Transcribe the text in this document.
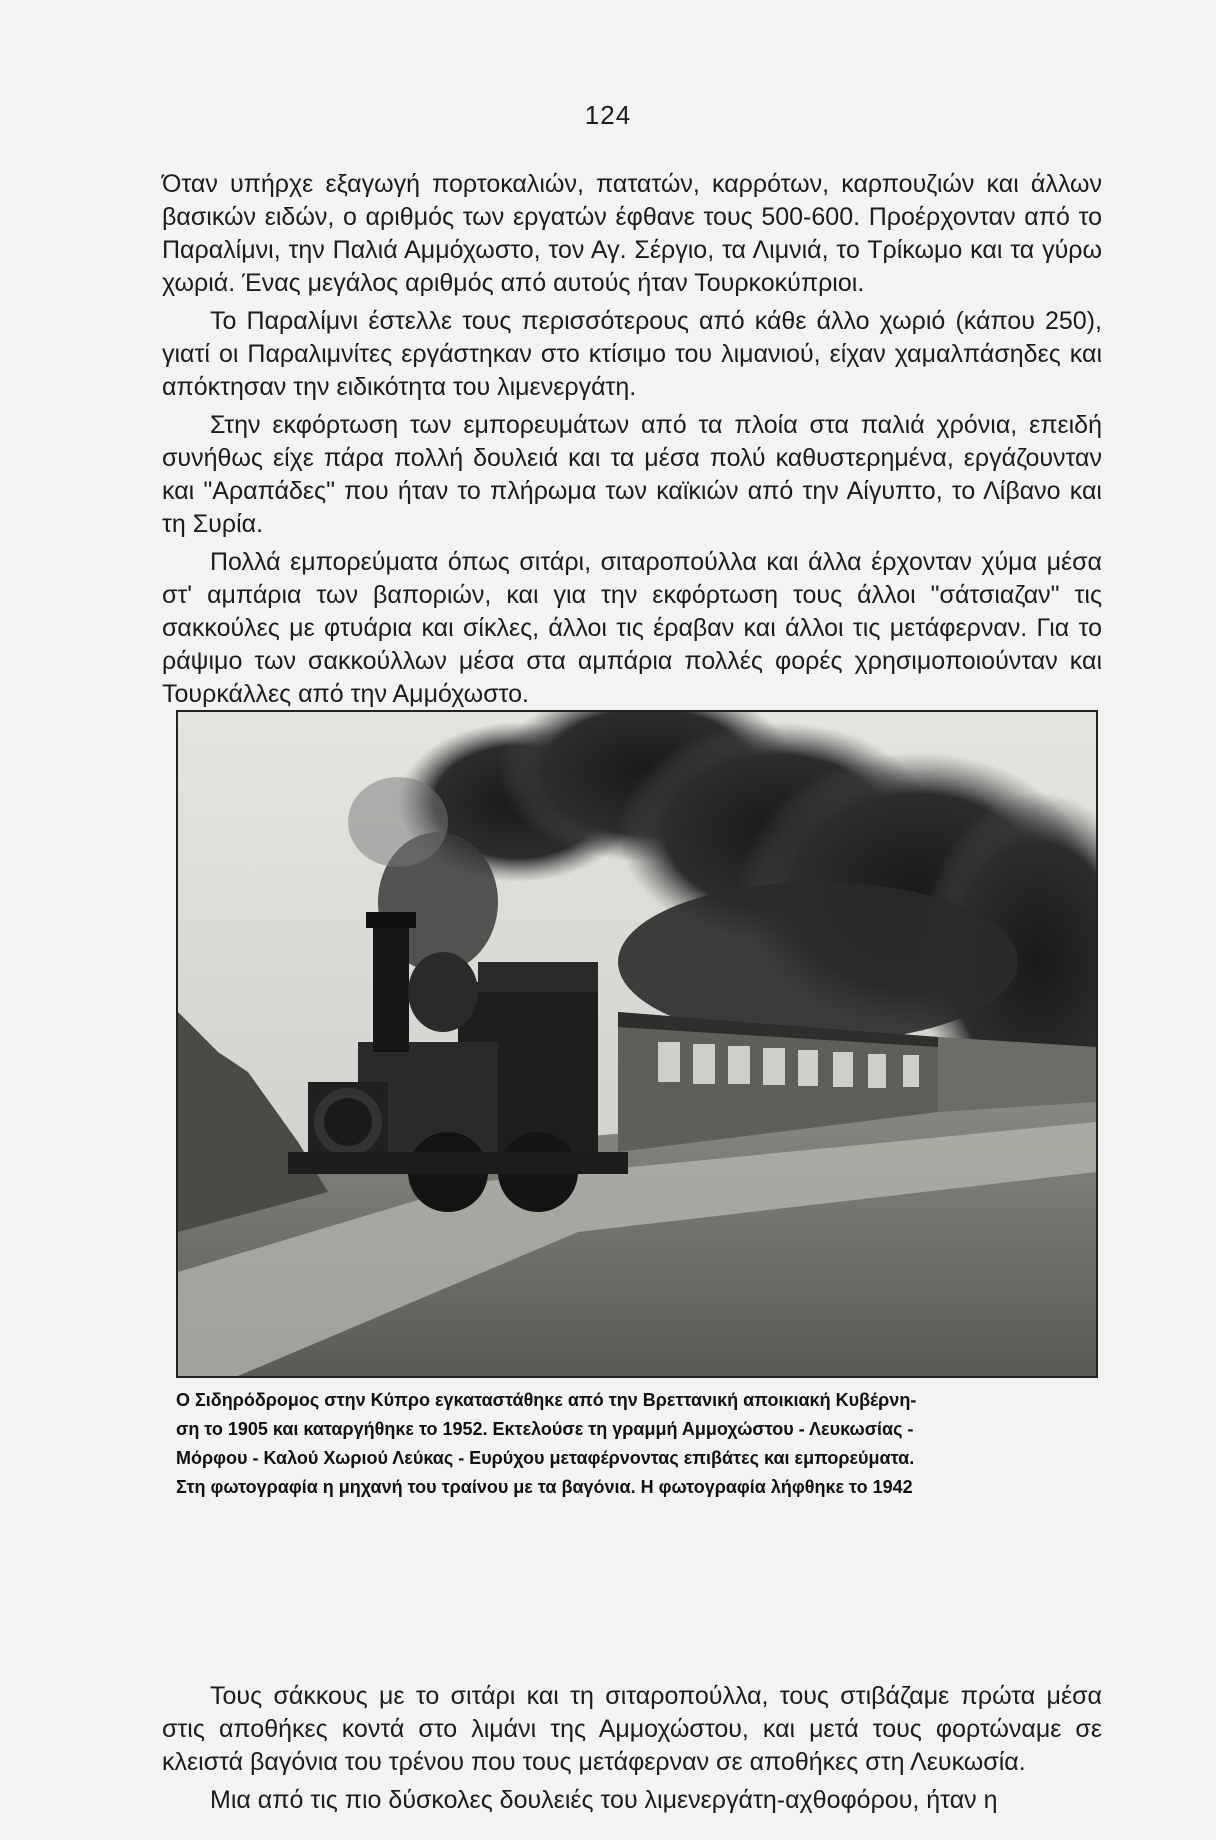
124

Όταν υπήρχε εξαγωγή πορτοκαλιών, πατατών, καρρότων, καρπουζιών και άλλων βασικών ειδών, ο αριθμός των εργατών έφθανε τους 500-600. Προέρχονταν από το Παραλίμνι, την Παλιά Αμμόχωστο, τον Αγ. Σέργιο, τα Λιμνιά, το Τρίκωμο και τα γύρω χωριά. Ένας μεγάλος αριθμός από αυτούς ήταν Τουρκοκύπριοι.

Το Παραλίμνι έστελλε τους περισσότερους από κάθε άλλο χωριό (κάπου 250), γιατί οι Παραλιμνίτες εργάστηκαν στο κτίσιμο του λιμανιού, είχαν χαμαλπάσηδες και απόκτησαν την ειδικότητα του λιμενεργάτη.

Στην εκφόρτωση των εμπορευμάτων από τα πλοία στα παλιά χρόνια, επειδή συνήθως είχε πάρα πολλή δουλειά και τα μέσα πολύ καθυστερημένα, εργάζουνταν και "Αραπάδες" που ήταν το πλήρωμα των καϊκιών από την Αίγυπτο, το Λίβανο και τη Συρία.

Πολλά εμπορεύματα όπως σιτάρι, σιταροπούλλα και άλλα έρχονταν χύμα μέσα στ' αμπάρια των βαποριών, και για την εκφόρτωση τους άλλοι "σάτσιαζαν" τις σακκούλες με φτυάρια και σίκλες, άλλοι τις έραβαν και άλλοι τις μετάφερναν. Για το ράψιμο των σακκούλλων μέσα στα αμπάρια πολλές φορές χρησιμοποιούνταν και Τουρκάλλες από την Αμμόχωστο.

Ο Σιδηρόδρομος στην Κύπρο εγκαταστάθηκε από την Βρεττανική αποικιακή Κυβέρνη-
ση το 1905 και καταργήθηκε το 1952. Εκτελούσε τη γραμμή Αμμοχώστου - Λευκωσίας -
Μόρφου - Καλού Χωριού Λεύκας - Ευρύχου μεταφέρνοντας επιβάτες και εμπορεύματα.
Στη φωτογραφία η μηχανή του τραίνου με τα βαγόνια. Η φωτογραφία λήφθηκε το 1942

Τους σάκκους με το σιτάρι και τη σιταροπούλλα, τους στιβάζαμε πρώτα μέσα στις αποθήκες κοντά στο λιμάνι της Αμμοχώστου, και μετά τους φορτώναμε σε κλειστά βαγόνια του τρένου που τους μετάφερναν σε αποθήκες στη Λευκωσία.

Μια από τις πιο δύσκολες δουλειές του λιμενεργάτη-αχθοφόρου, ήταν η
